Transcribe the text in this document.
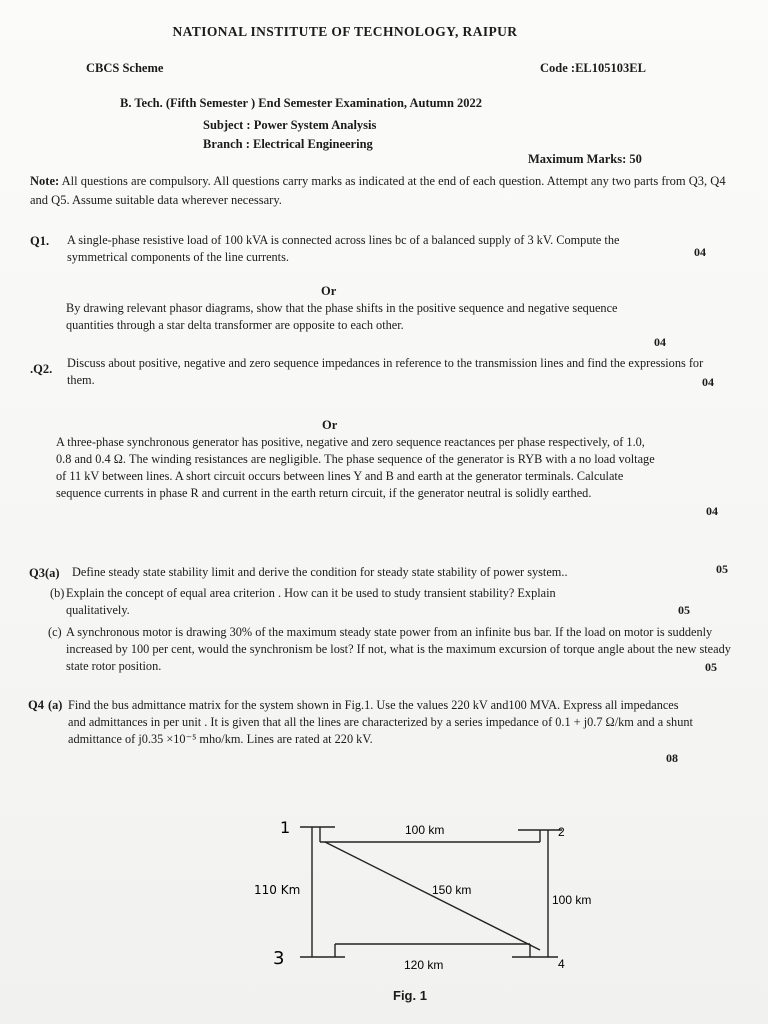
NATIONAL INSTITUTE OF TECHNOLOGY, RAIPUR
CBCS Scheme	Code :EL105103EL
B. Tech. (Fifth Semester ) End Semester Examination, Autumn 2022
Subject : Power System Analysis
Branch : Electrical Engineering
Maximum Marks: 50
Note: All questions are compulsory. All questions carry marks as indicated at the end of each question. Attempt any two parts from Q3, Q4 and Q5. Assume suitable data wherever necessary.
Q1. A single-phase resistive load of 100 kVA is connected across lines bc of a balanced supply of 3 kV. Compute the symmetrical components of the line currents.	04
Or
By drawing relevant phasor diagrams, show that the phase shifts in the positive sequence and negative sequence quantities through a star delta transformer are opposite to each other.
04
.Q2. Discuss about positive, negative and zero sequence impedances in reference to the transmission lines and find the expressions for them.	04
Or
A three-phase synchronous generator has positive, negative and zero sequence reactances per phase respectively, of 1.0, 0.8 and 0.4 Ω. The winding resistances are negligible. The phase sequence of the generator is RYB with a no load voltage of 11 kV between lines. A short circuit occurs between lines Y and B and earth at the generator terminals. Calculate sequence currents in phase R and current in the earth return circuit, if the generator neutral is solidly earthed.
04
Q3(a) Define steady state stability limit and derive the condition for steady state stability of power system..	05
(b) Explain the concept of equal area criterion . How can it be used to study transient stability? Explain qualitatively.	05
(c) A synchronous motor is drawing 30% of the maximum steady state power from an infinite bus bar. If the load on motor is suddenly increased by 100 per cent, would the synchronism be lost? If not, what is the maximum excursion of torque angle about the new steady state rotor position.	05
Q4 (a) Find the bus admittance matrix for the system shown in Fig.1. Use the values 220 kV and100 MVA. Express all impedances and admittances in per unit . It is given that all the lines are characterized by a series impedance of 0.1 + j0.7 Ω/km and a shunt admittance of j0.35 ×10⁻⁵ mho/km. Lines are rated at 220 kV.
08
1	2
3	4
100 km
110 Km	150 km
100 km
120 km
Fig. 1
